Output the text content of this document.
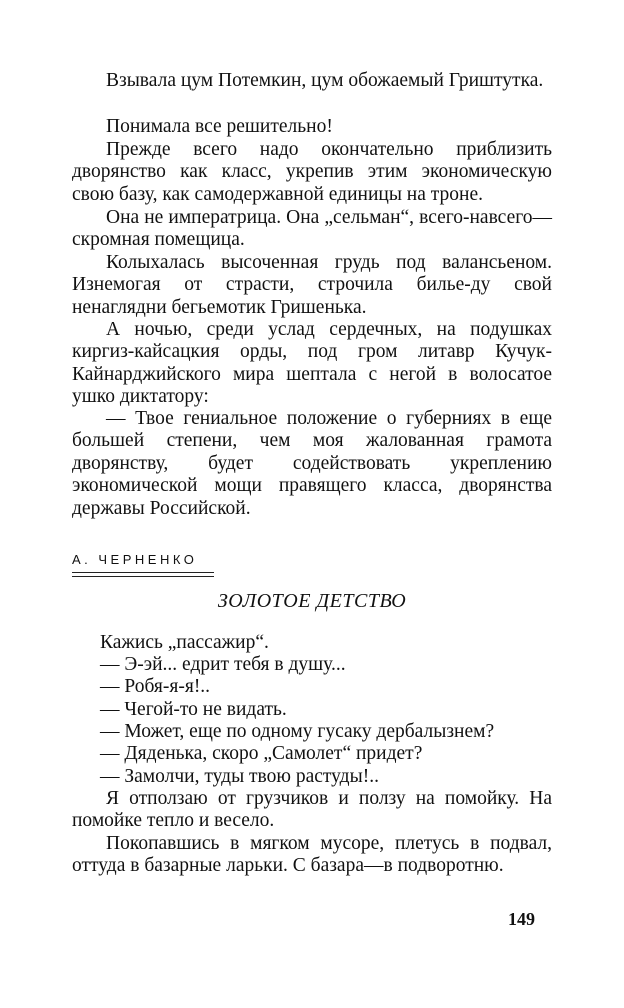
Взывала цум Потемкин, цум обожаемый Гриштутка.

Понимала все решительно!

Прежде всего надо окончательно приблизить дворянство как класс, укрепив этим экономическую свою базу, как самодержавной единицы на троне.

Она не императрица. Она „сельман“, всего-навсего—скромная помещица.

Колыхалась высоченная грудь под валансьеном. Изнемогая от страсти, строчила билье-ду свой ненаглядни бегьемотик Гришенька.

А ночью, среди услад сердечных, на подушках киргиз-кайсацкия орды, под гром литавр Кучук-Кайнарджийского мира шептала с негой в волосатое ушко диктатору:

— Твое гениальное положение о губерниях в еще большей степени, чем моя жалованная грамота дворянству, будет содействовать укреплению экономической мощи правящего класса, дворянства державы Российской.

А. ЧЕРНЕНКО

ЗОЛОТОЕ ДЕТСТВО

Кажись „пассажир“.

— Э-эй... едрит тебя в душу...

— Робя-я-я!..

— Чегой-то не видать.

— Может, еще по одному гусаку дербалызнем?

— Дяденька, скоро „Самолет“ придет?

— Замолчи, туды твою растуды!..

Я отползаю от грузчиков и ползу на помойку. На помойке тепло и весело.

Покопавшись в мягком мусоре, плетусь в подвал, оттуда в базарные ларьки. С базара—в подворотню.

149
